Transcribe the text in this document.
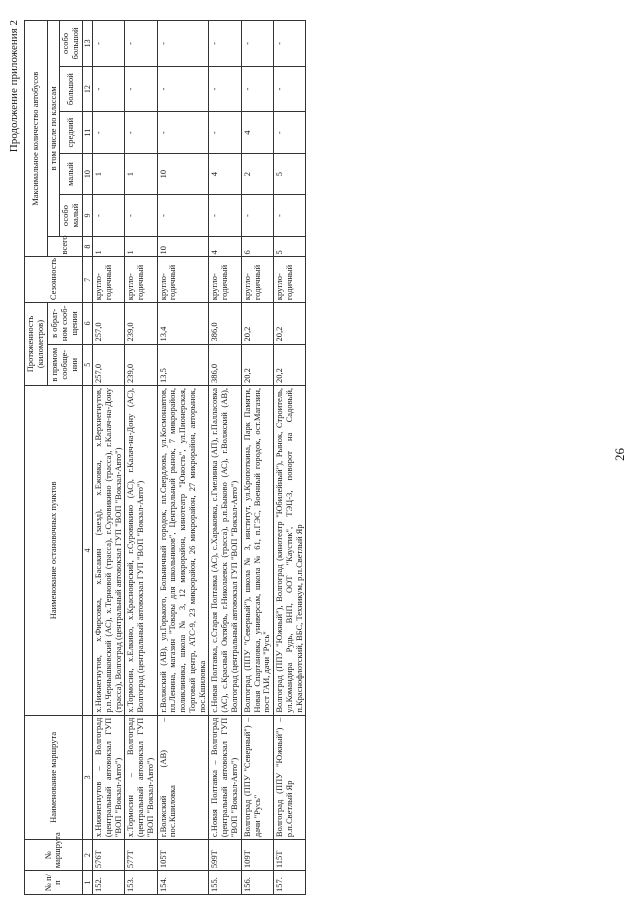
Продолжение приложения 2
№ п/п	№ маршрута	Наименование маршрута	Наименование остановочных пунктов	Протяженность (километров)		Сезонность	Максимальное количество автобусов					
				в прямом сообще-нии	в обрат-ном сооб-щении		всего	в том числе по классам				
								особо малый	малый	средний	большой	особо большой
1	2	3	4	5	6	7	8	9	10	11	12	13
152.	576Т	х.Нижнегнутов – Волгоград (центральный автовокзал ГУП "ВОП "Вокзал-Авто")	х.Нижнегнутов, х.Фирсовка, х.Басакин (заезд), х.Ежовка, х.Верхнегнутов, р.п.Чернышковский (АС), х.Терновой (трасса), г.Суровикино (трасса), г.Калач-на-Дону (трасса), Волгоград (центральный автовокзал ГУП "ВОП "Вокзал-Авто")	257,0	257,0	кругло-годичный	1	-	1	-	-	-
153.	577Т	х.Тормосин – Волгоград (центральный автовокзал ГУП "ВОП "Вокзал-Авто")	х.Тормосин, х.Елкино, х.Красноярский, г.Суровикино (АС), г.Калач-на-Дону (АС), Волгоград (центральный автовокзал ГУП "ВОП "Вокзал-Авто")	239,0	239,0	кругло-годичный	1	-	1	-	-	-
154.	105Т	г.Волжский (АВ) – пос.Кшиловка	г.Волжский (АВ), ул.Горького, Больничный городок, пл.Свердлова, ул.Космонавтов, пл.Ленина, магазин "Товары для школьников", Центральный рынок, 7 микрорайон, поликлиника, школа № 3, 12 микрорайон, кинотеатр "Юность", ул.Пионерская, Торговый центр, АТС-9, 23 микрорайон, 26 микрорайон, 27 микрорайон, авторынок, пос.Кшиловка	13,5	13,4	кругло-годичный	10	-	10	-	-	-
155.	599Т	с.Новая Полтавка – Волгоград (центральный автовокзал ГУП "ВОП "Вокзал-Авто")	с.Новая Полтавка, с.Старая Полтавка (АС), с.Харьковка, с.Гмелинка (АП), г.Палласовка (АС), с.Красный Октябрь, г.Николаевск (трасса), р.п.Быково (АС), г.Волжский (АВ), Волгоград (центральный автовокзал ГУП "ВОП "Вокзал-Авто")	386,0	386,0	кругло-годичный	4	-	4	-	-	-
156.	109Т	Волгоград (ППУ "Северный") – дачи "Русь"	Волгоград (ППУ "Северный"), школа № 3, институт, ул.Кропоткина, Парк Памяти, Новая Спартановка, универсам, школа № 61, п.ГЭС, Военный городок, ост.Магазин, пост ГАИ, дачи "Русь"	20,2	20,2	кругло-годичный	6	-	2	4	-	-
157.	115Т	Волгоград (ППУ "Южный") – р.п.Светлый Яр	Волгоград (ППУ "Южный"), Волгоград (кинотеатр "Юбилейный"), Рынок, Строитель, ул.Командира Рудь, ВНП, ООТ "Каустик", ТЭЦ-3, поворот на Садовый, п.Краснофлотский, ВБС, Техникум, р.п.Светлый Яр	20,2	20,2	кругло-годичный	5	-	5	-	-	-
26
